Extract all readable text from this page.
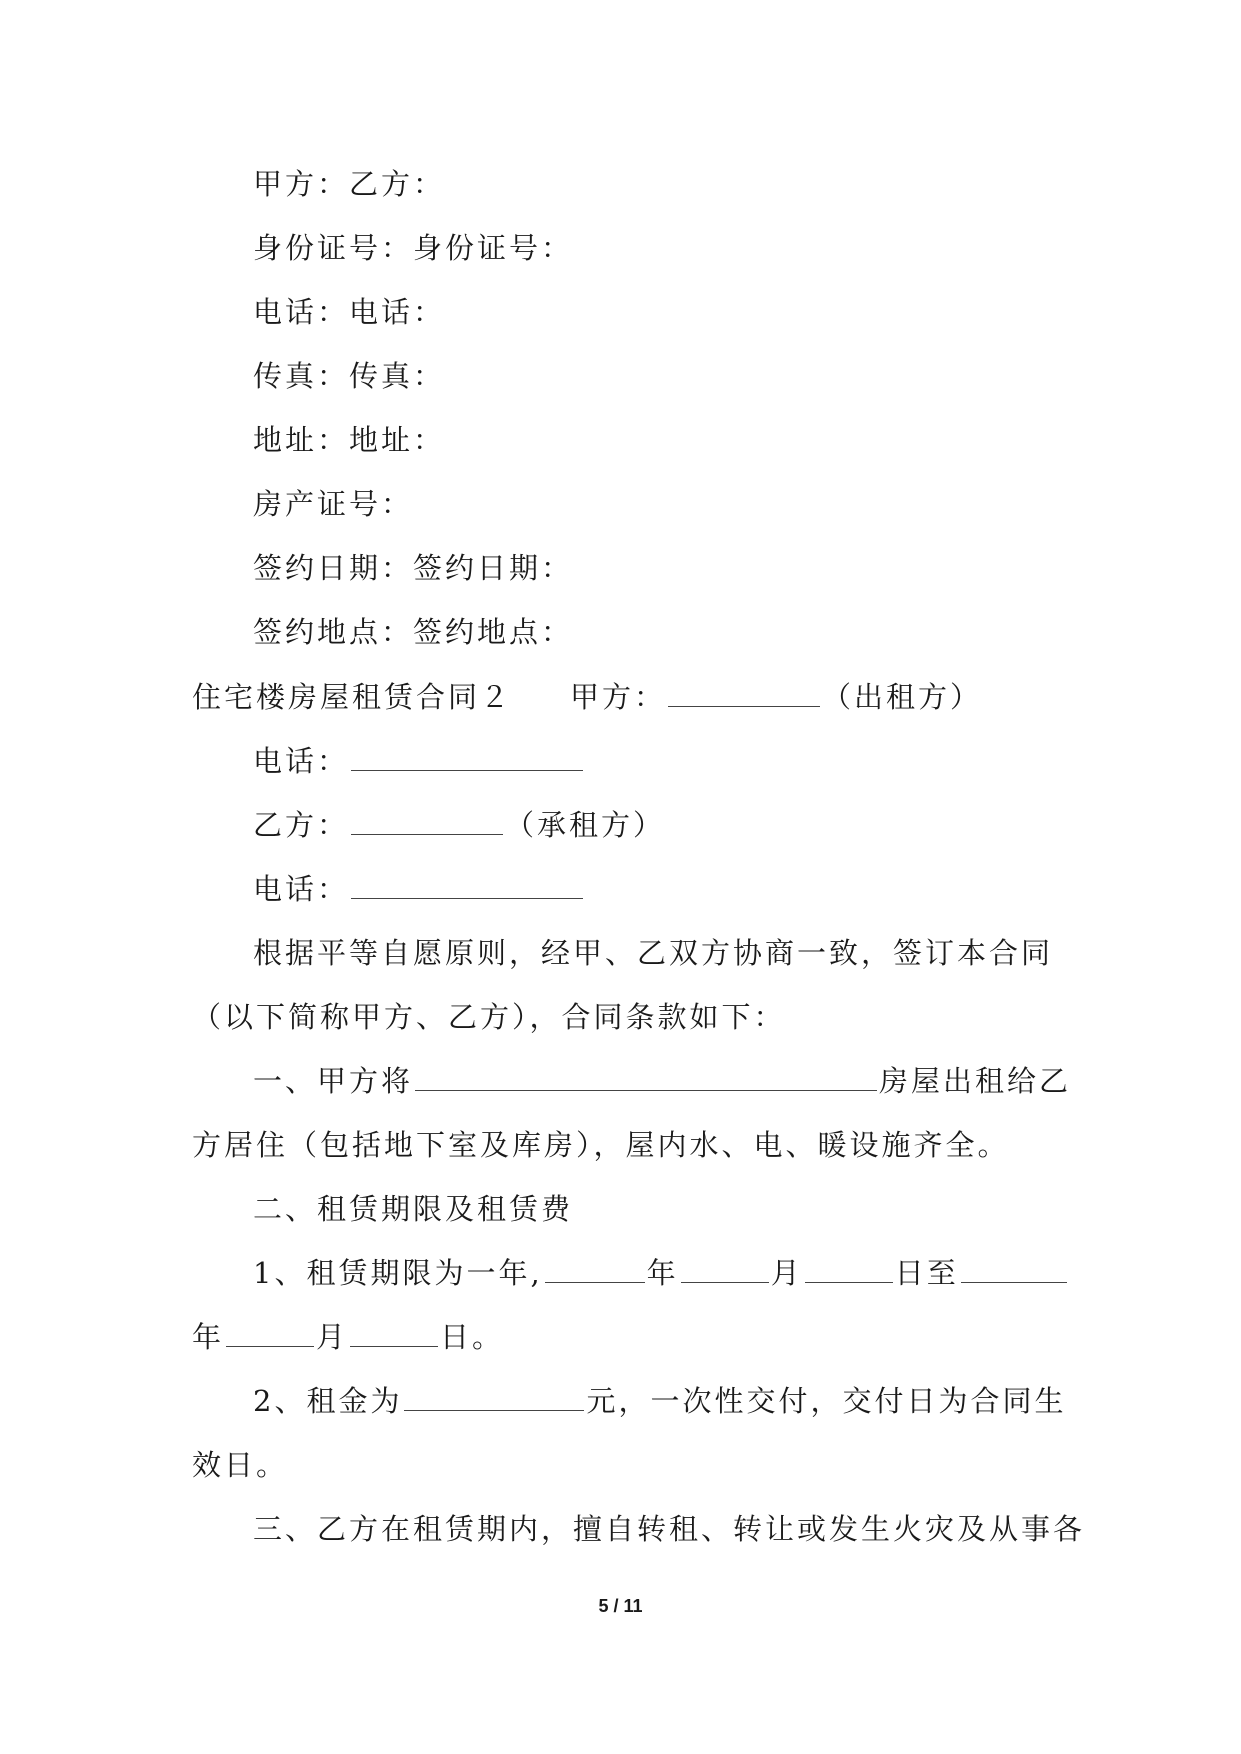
甲方：乙方：
身份证号：身份证号：
电话：电话：
传真：传真：
地址：地址：
房产证号：
签约日期：签约日期：
签约地点：签约地点：
住宅楼房屋租赁合同２ 甲方：	（出租方）
电话：
乙方：	（承租方）
电话：
根据平等自愿原则，经甲、乙双方协商一致，签订本合同
（以下简称甲方、乙方），合同条款如下：
一、甲方将	房屋出租给乙
方居住（包括地下室及库房），屋内水、电、暖设施齐全。
二、租赁期限及租赁费
1、租赁期限为一年,	年	月	日至
年	月	日。
2、租金为	元，一次性交付，交付日为合同生
效日。
三、乙方在租赁期内，擅自转租、转让或发生火灾及从事各
5 / 11
